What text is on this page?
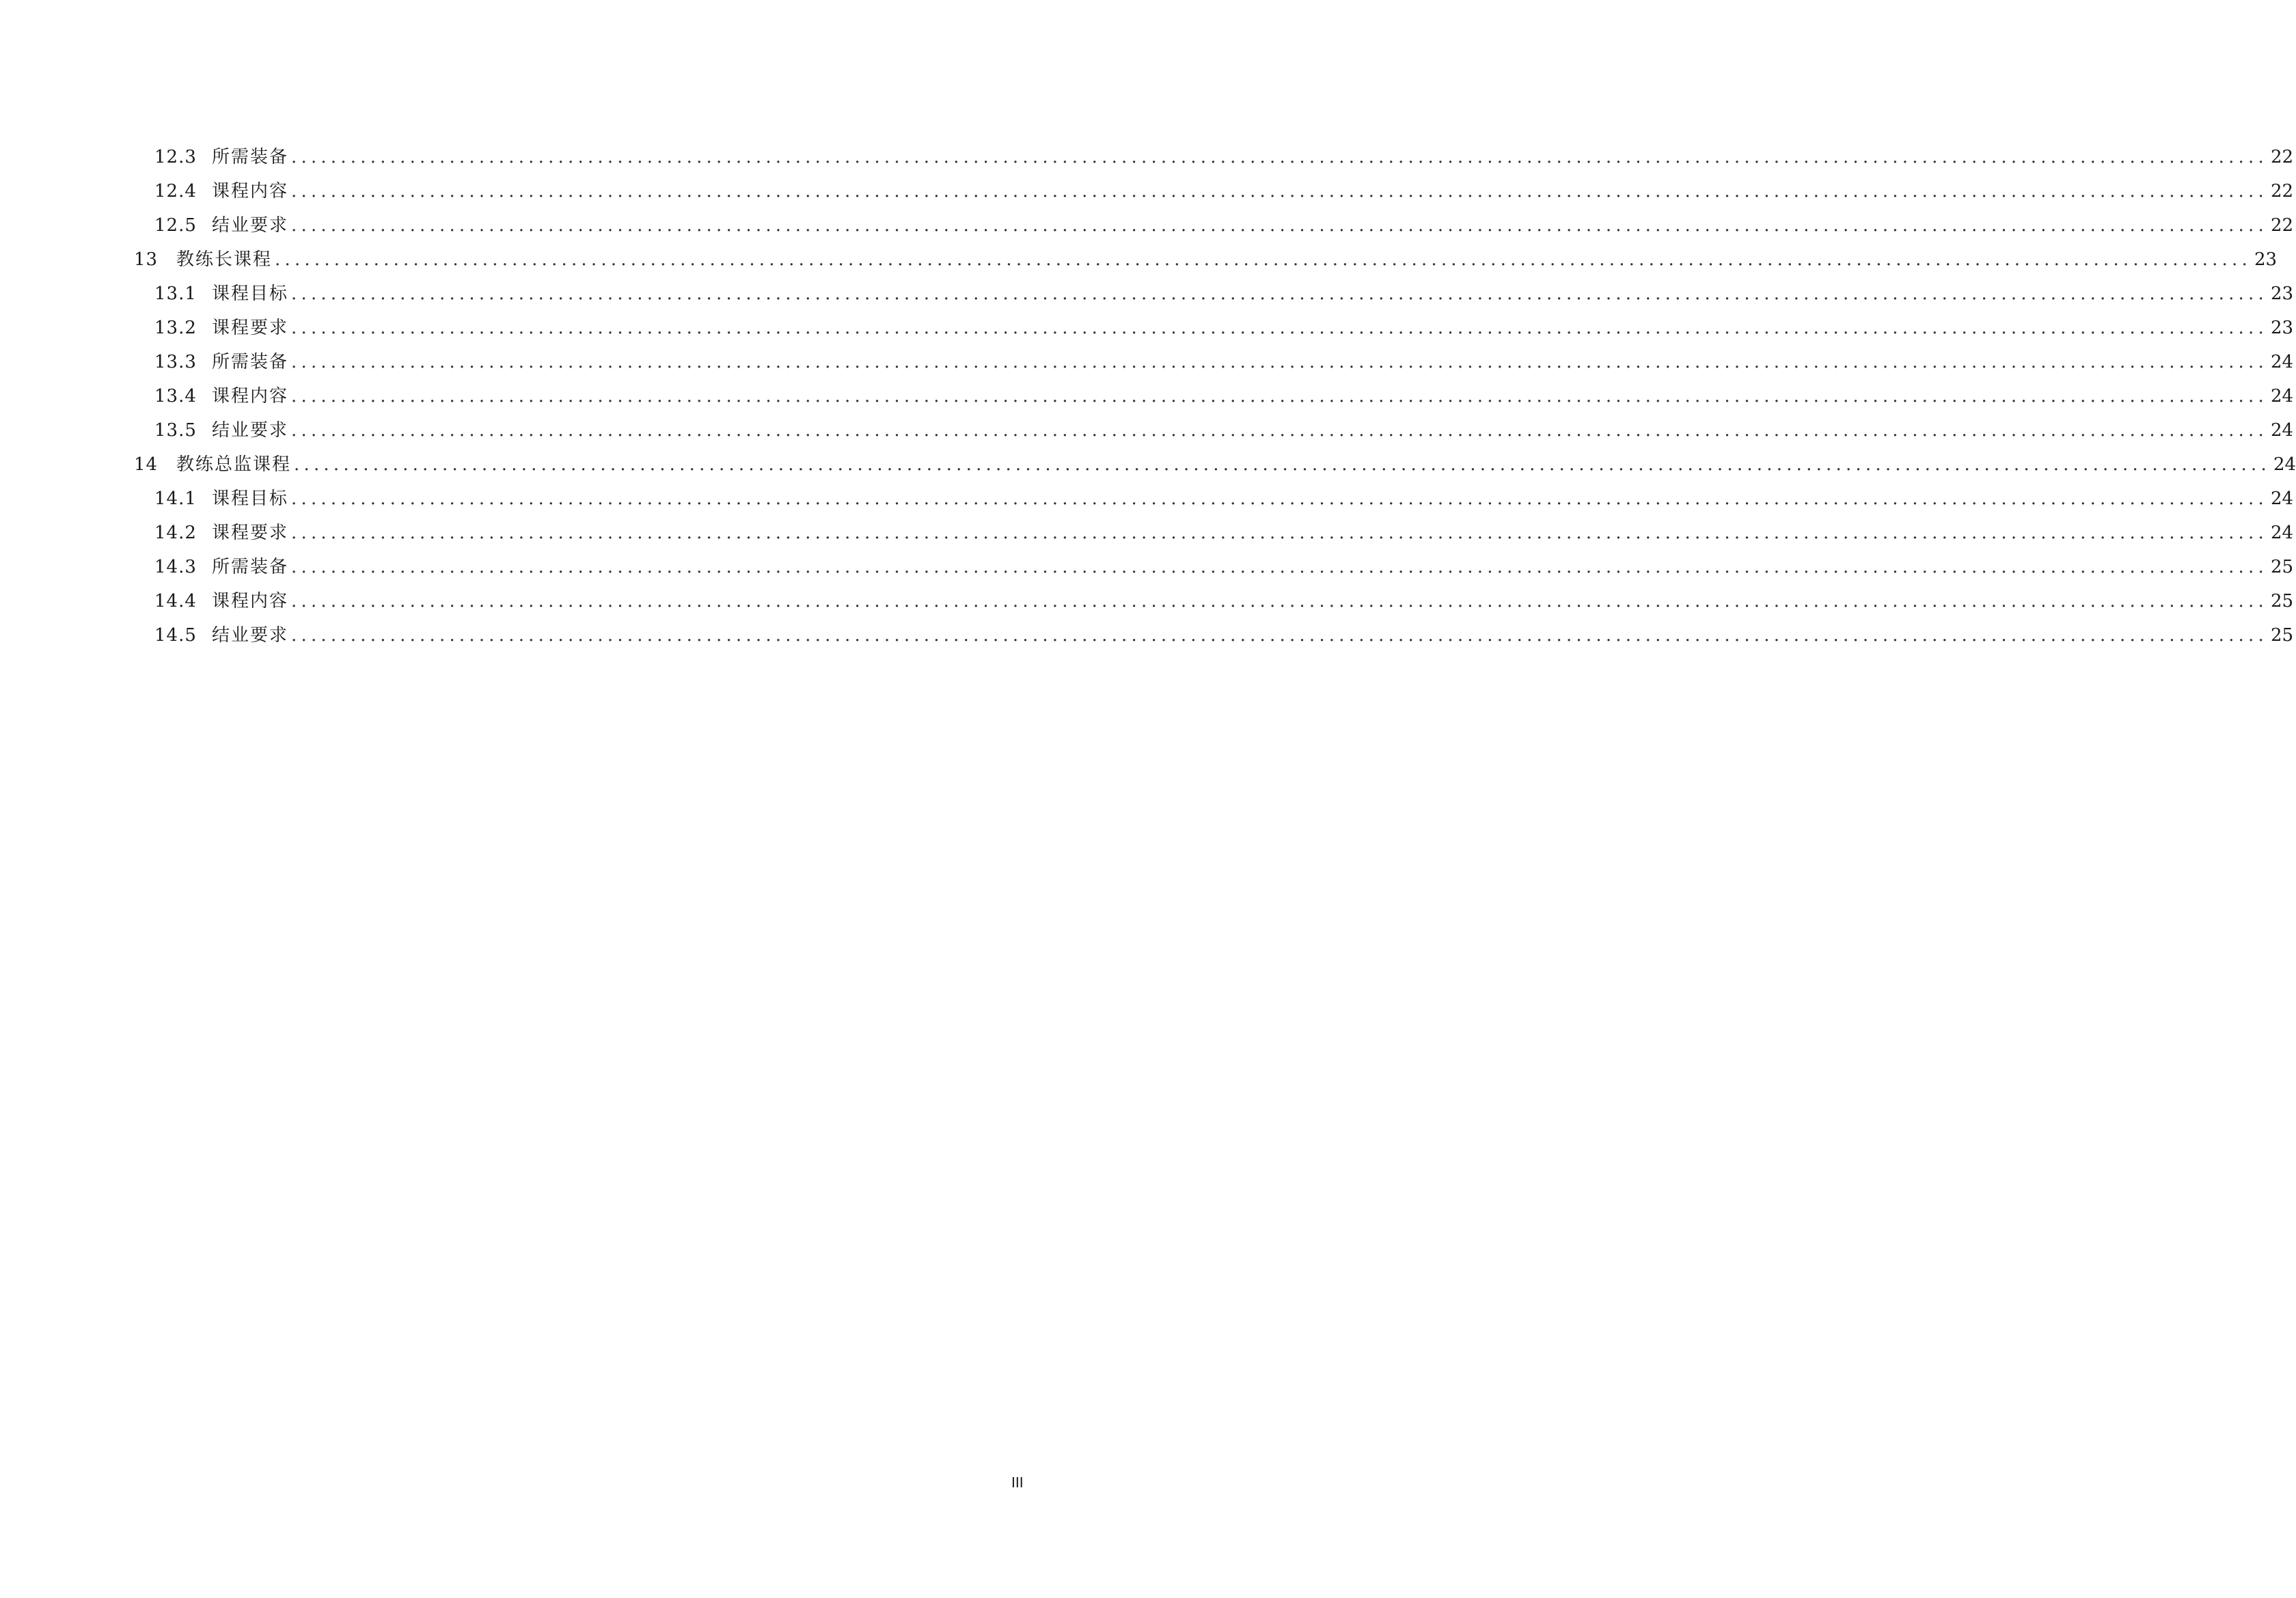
12.3 所需装备 ........................................................................................................................................................................................................ 22
12.4 课程内容 ........................................................................................................................................................................................................ 22
12.5 结业要求 ........................................................................................................................................................................................................ 22
13	教练长课程 ........................................................................................................................................................................................................ 23
13.1 课程目标 ........................................................................................................................................................................................................ 23
13.2 课程要求 ........................................................................................................................................................................................................ 23
13.3 所需装备 ........................................................................................................................................................................................................ 24
13.4 课程内容 ........................................................................................................................................................................................................ 24
13.5 结业要求 ........................................................................................................................................................................................................ 24
14	教练总监课程 ........................................................................................................................................................................................................ 24
14.1 课程目标 ........................................................................................................................................................................................................ 24
14.2 课程要求 ........................................................................................................................................................................................................ 24
14.3 所需装备 ........................................................................................................................................................................................................ 25
14.4 课程内容 ........................................................................................................................................................................................................ 25
14.5 结业要求 ........................................................................................................................................................................................................ 25
III
